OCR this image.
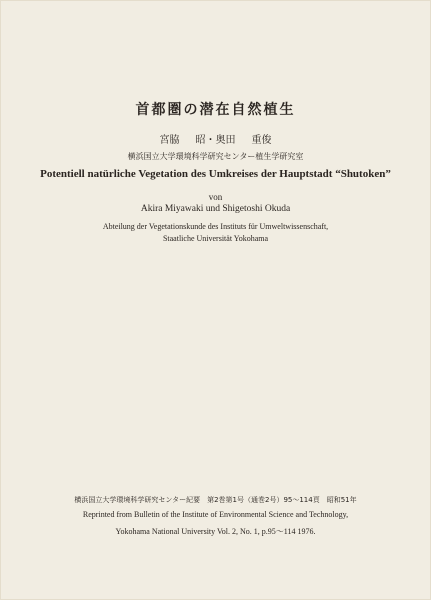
首都圏の潜在自然植生
宮脇 昭・奥田 重俊
横浜国立大学環境科学研究センター植生学研究室
Potentiell natürliche Vegetation des Umkreises der Hauptstadt “Shutoken”
von
Akira Miyawaki und Shigetoshi Okuda
Abteilung der Vegetationskunde des Instituts für Umweltwissenschaft,
Staatliche Universität Yokohama
横浜国立大学環境科学研究センター紀要　第2巻第1号（通巻2号）95〜114頁　昭和51年
Reprinted from Bulletin of the Institute of Environmental Science and Technology,
Yokohama National University Vol. 2, No. 1, p.95〜114 1976.
